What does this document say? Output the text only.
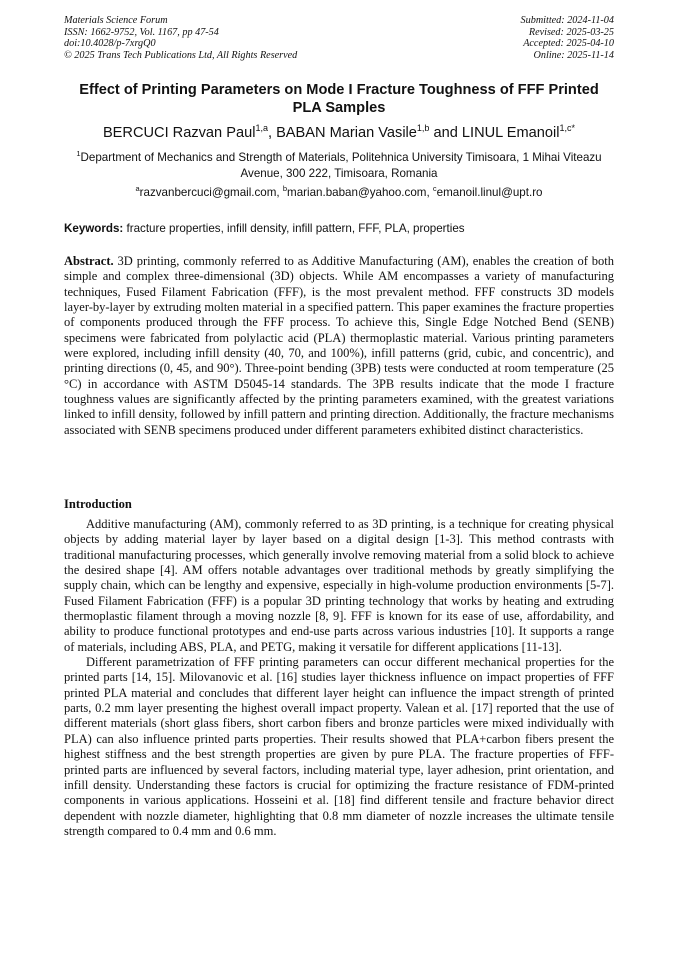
Materials Science Forum
ISSN: 1662-9752, Vol. 1167, pp 47-54
doi:10.4028/p-7xrgQ0
© 2025 Trans Tech Publications Ltd, All Rights Reserved
Submitted: 2024-11-04
Revised: 2025-03-25
Accepted: 2025-04-10
Online: 2025-11-14
Effect of Printing Parameters on Mode I Fracture Toughness of FFF Printed PLA Samples
BERCUCI Razvan Paul$^{1,a}$, BABAN Marian Vasile$^{1,b}$ and LINUL Emanoil$^{1,c*}$
$^1$Department of Mechanics and Strength of Materials, Politehnica University Timisoara, 1 Mihai Viteazu Avenue, 300 222, Timisoara, Romania
$^a$razvanbercuci@gmail.com, $^b$marian.baban@yahoo.com, $^c$emanoil.linul@upt.ro
Keywords: fracture properties, infill density, infill pattern, FFF, PLA, properties
Abstract. 3D printing, commonly referred to as Additive Manufacturing (AM), enables the creation of both simple and complex three-dimensional (3D) objects. While AM encompasses a variety of manufacturing techniques, Fused Filament Fabrication (FFF), is the most prevalent method. FFF constructs 3D models layer-by-layer by extruding molten material in a specified pattern. This paper examines the fracture properties of components produced through the FFF process. To achieve this, Single Edge Notched Bend (SENB) specimens were fabricated from polylactic acid (PLA) thermoplastic material. Various printing parameters were explored, including infill density (40, 70, and 100%), infill patterns (grid, cubic, and concentric), and printing directions (0, 45, and 90°). Three-point bending (3PB) tests were conducted at room temperature (25 °C) in accordance with ASTM D5045-14 standards. The 3PB results indicate that the mode I fracture toughness values are significantly affected by the printing parameters examined, with the greatest variations linked to infill density, followed by infill pattern and printing direction. Additionally, the fracture mechanisms associated with SENB specimens produced under different parameters exhibited distinct characteristics.
Introduction

Additive manufacturing (AM), commonly referred to as 3D printing, is a technique for creating physical objects by adding material layer by layer based on a digital design [1-3]. This method contrasts with traditional manufacturing processes, which generally involve removing material from a solid block to achieve the desired shape [4]. AM offers notable advantages over traditional methods by greatly simplifying the supply chain, which can be lengthy and expensive, especially in high-volume production environments [5-7]. Fused Filament Fabrication (FFF) is a popular 3D printing technology that works by heating and extruding thermoplastic filament through a moving nozzle [8, 9]. FFF is known for its ease of use, affordability, and ability to produce functional prototypes and end-use parts across various industries [10]. It supports a range of materials, including ABS, PLA, and PETG, making it versatile for different applications [11-13].

Different parametrization of FFF printing parameters can occur different mechanical properties for the printed parts [14, 15]. Milovanovic et al. [16] studies layer thickness influence on impact properties of FFF printed PLA material and concludes that different layer height can influence the impact strength of printed parts, 0.2 mm layer presenting the highest overall impact property. Valean et al. [17] reported that the use of different materials (short glass fibers, short carbon fibers and bronze particles were mixed individually with PLA) can also influence printed parts properties. Their results showed that PLA+carbon fibers present the highest stiffness and the best strength properties are given by pure PLA. The fracture properties of FFF-printed parts are influenced by several factors, including material type, layer adhesion, print orientation, and infill density. Understanding these factors is crucial for optimizing the fracture resistance of FDM-printed components in various applications. Hosseini et al. [18] find different tensile and fracture behavior direct dependent with nozzle diameter, highlighting that 0.8 mm diameter of nozzle increases the ultimate tensile strength compared to 0.4 mm and 0.6 mm.
